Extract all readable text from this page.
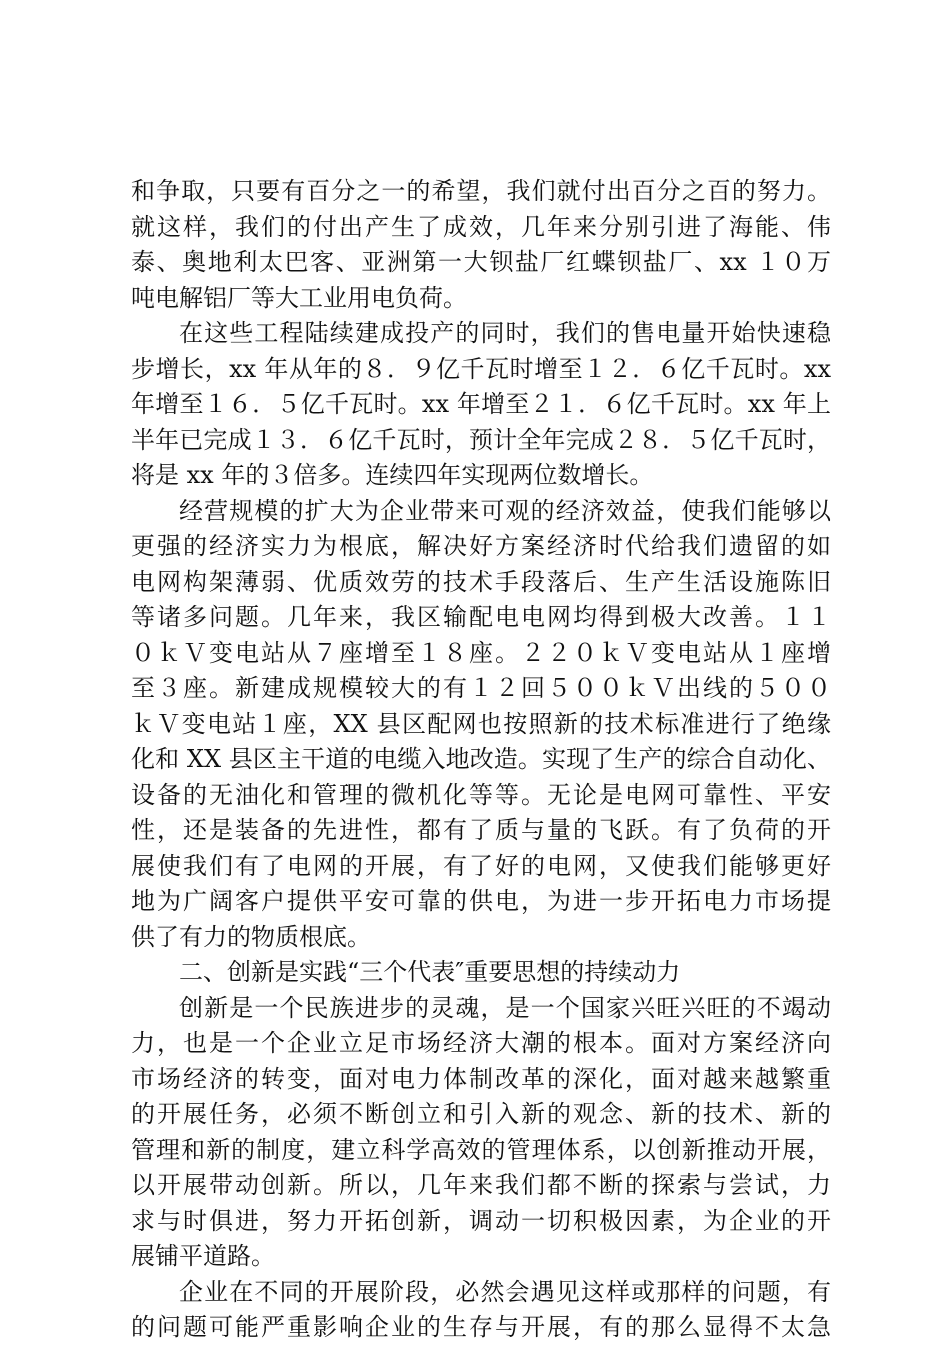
和争取，只要有百分之一的希望，我们就付出百分之百的努力。
就这样，我们的付出产生了成效，几年来分别引进了海能、伟
泰、奥地利太巴客、亚洲第一大钡盐厂红蝶钡盐厂、xx １０万
吨电解铝厂等大工业用电负荷。
在这些工程陆续建成投产的同时，我们的售电量开始快速稳
步增长，xx 年从年的８．９亿千瓦时增至１２．６亿千瓦时。xx
年增至１６．５亿千瓦时。xx 年增至２１．６亿千瓦时。xx 年上
半年已完成１３．６亿千瓦时，预计全年完成２８．５亿千瓦时，
将是 xx 年的３倍多。连续四年实现两位数增长。
经营规模的扩大为企业带来可观的经济效益，使我们能够以
更强的经济实力为根底，解决好方案经济时代给我们遗留的如
电网构架薄弱、优质效劳的技术手段落后、生产生活设施陈旧
等诸多问题。几年来，我区输配电电网均得到极大改善。１１
０ｋＶ变电站从７座增至１８座。２２０ｋＶ变电站从１座增
至３座。新建成规模较大的有１２回５００ｋＶ出线的５００
ｋＶ变电站１座，XX 县区配网也按照新的技术标准进行了绝缘
化和 XX 县区主干道的电缆入地改造。实现了生产的综合自动化、
设备的无油化和管理的微机化等等。无论是电网可靠性、平安
性，还是装备的先进性，都有了质与量的飞跃。有了负荷的开
展使我们有了电网的开展，有了好的电网，又使我们能够更好
地为广阔客户提供平安可靠的供电，为进一步开拓电力市场提
供了有力的物质根底。
二、创新是实践“三个代表″重要思想的持续动力
创新是一个民族进步的灵魂，是一个国家兴旺兴旺的不竭动
力，也是一个企业立足市场经济大潮的根本。面对方案经济向
市场经济的转变，面对电力体制改革的深化，面对越来越繁重
的开展任务，必须不断创立和引入新的观念、新的技术、新的
管理和新的制度，建立科学高效的管理体系，以创新推动开展，
以开展带动创新。所以，几年来我们都不断的探索与尝试，力
求与时俱进，努力开拓创新，调动一切积极因素，为企业的开
展铺平道路。
企业在不同的开展阶段，必然会遇见这样或那样的问题，有
的问题可能严重影响企业的生存与开展，有的那么显得不太急
